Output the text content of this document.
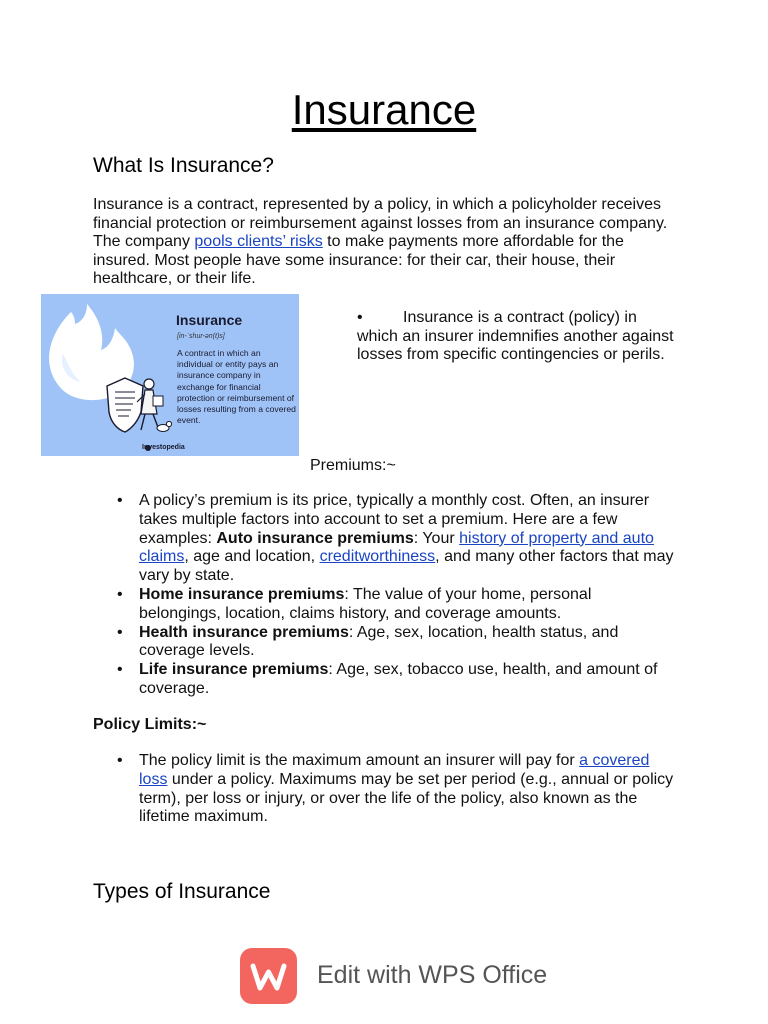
Insurance
What Is Insurance?

Insurance is a contract, represented by a policy, in which a policyholder receives financial protection or reimbursement against losses from an insurance company. The company pools clients’ risks to make payments more affordable for the insured. Most people have some insurance: for their car, their house, their healthcare, or their life.

Insurance
[in-ˈshur-ən(t)s]
A contract in which an individual or entity pays an insurance company in exchange for financial protection or reimbursement of losses resulting from a covered event.
Investopedia
•	Insurance is a contract (policy) in which an insurer indemnifies another against losses from specific contingencies or perils.

Premiums:~
• A policy’s premium is its price, typically a monthly cost. Often, an insurer takes multiple factors into account to set a premium. Here are a few examples: Auto insurance premiums: Your history of property and auto claims, age and location, creditworthiness, and many other factors that may vary by state.
• Home insurance premiums: The value of your home, personal belongings, location, claims history, and coverage amounts.
• Health insurance premiums: Age, sex, location, health status, and coverage levels.
• Life insurance premiums: Age, sex, tobacco use, health, and amount of coverage.
Policy Limits:~
• The policy limit is the maximum amount an insurer will pay for a covered loss under a policy. Maximums may be set per period (e.g., annual or policy term), per loss or injury, or over the life of the policy, also known as the lifetime maximum.
Types of Insurance
Edit with WPS Office
